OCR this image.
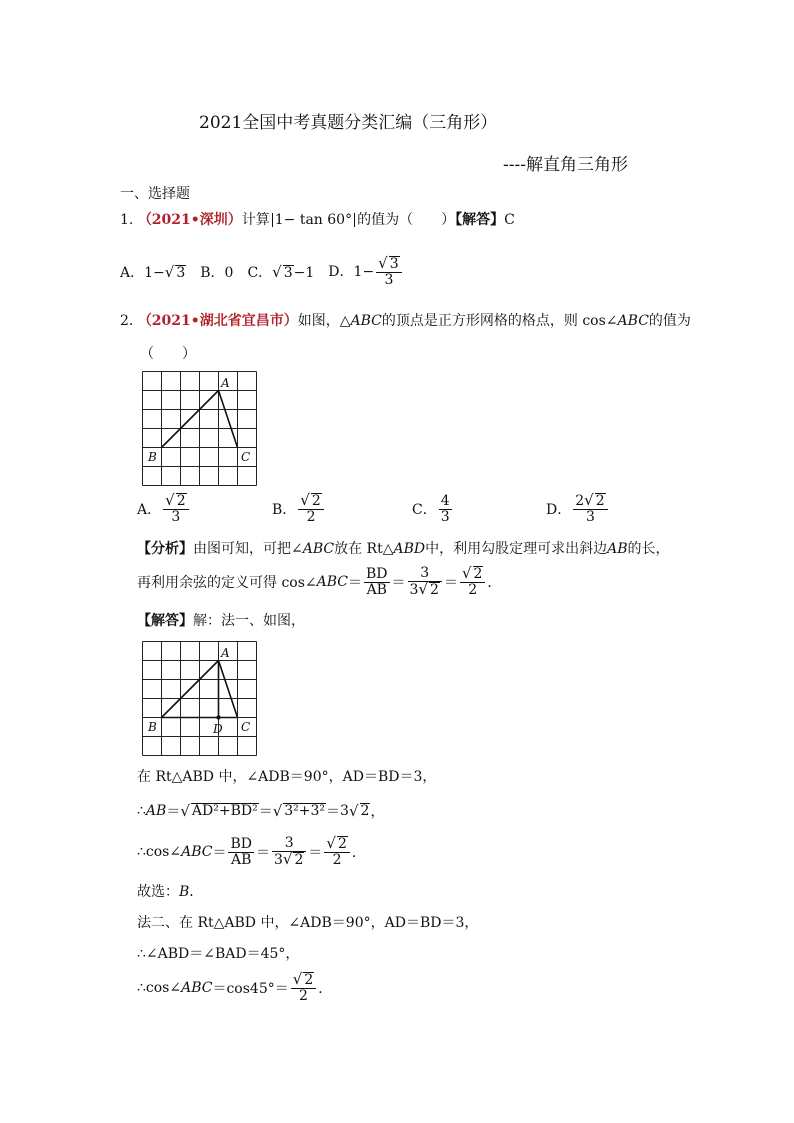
2021全国中考真题分类汇编（三角形）
----解直角三角形
一、选择题
1. （2021•深圳）计算 1− tan 60° 的值为（　　）【解答】C
A．1−√ 3 B．0 C．√ 3−1 D．$1- \frac{√ 3}{3}$
2. （2021•湖北省宜昌市）如图，△ABC的顶点是正方形网格的格点，则 cos∠ABC的值为
（　　）
A
B	C
A． $\frac{√ 2}{3}$	B． $\frac{√ 2}{2}$	C． $\frac{4}{3}$	D． $\frac{2√ 2}{3}$
【分析】由图可知，可把∠ABC放在 Rt△ABD中，利用勾股定理可求出斜边AB的长，
再利用余弦的定义可得 cos∠ ABC ＝ $\frac{BD}{AB} = \frac{3}{3√ 2} = \frac{√ 2}{2}$ ．
【解答】解：法一、如图，
A
B	C
D
在 Rt△ABD 中，∠ADB＝90°，AD＝BD＝3，
∴ AB ＝ √ AD²+BD² ＝ √ 3²+3² ＝ 3 √ 2 ，
∴cos∠ ABC ＝ $\frac{BD}{AB} = \frac{3}{3√ 2} = \frac{√ 2}{2}$ ．
故选：B．
法二、在 Rt△ABD 中，∠ADB＝90°，AD＝BD＝3，
∴∠ABD＝∠BAD＝45°，
∴cos∠ ABC $=\cos 45^\circ= \frac{√ 2}{2}$ ．
